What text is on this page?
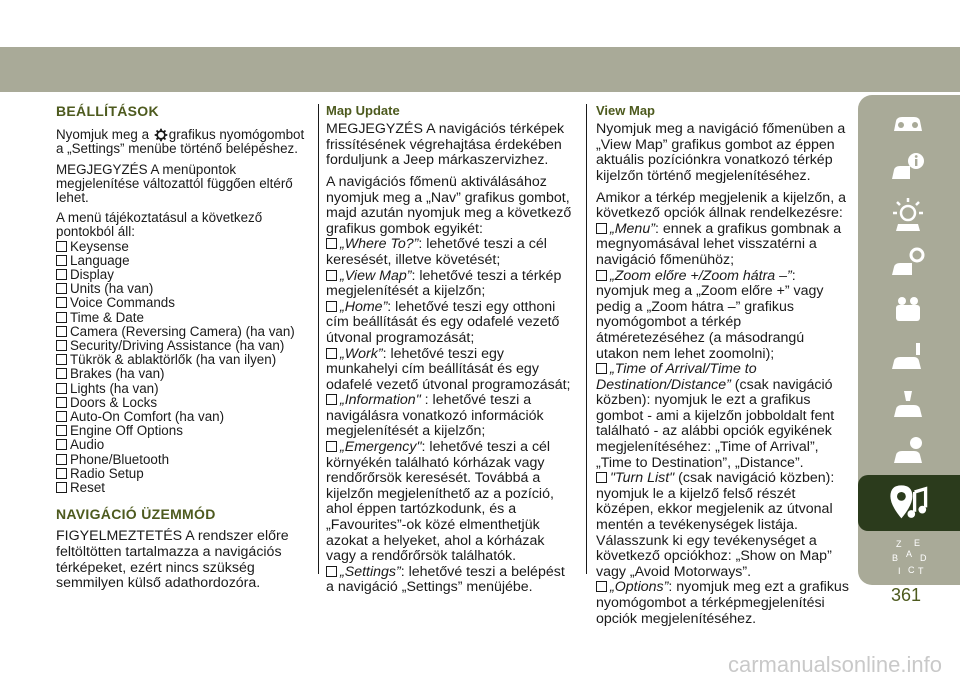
BEÁLLÍTÁSOK

Nyomjuk meg a grafikus nyomógombot a „Settings” menübe történő belépéshez.

MEGJEGYZÉS A menüpontok megjelenítése változattól függően eltérő lehet.

A menü tájékoztatásul a következő pontokból áll:

Keysense
Language
Display
Units (ha van)
Voice Commands
Time & Date
Camera (Reversing Camera) (ha van)
Security/Driving Assistance (ha van)
Tükrök & ablaktörlők (ha van ilyen)
Brakes (ha van)
Lights (ha van)
Doors & Locks
Auto-On Comfort (ha van)
Engine Off Options
Audio
Phone/Bluetooth
Radio Setup
Reset
NAVIGÁCIÓ ÜZEMMÓD

FIGYELMEZTETÉS A rendszer előre feltöltötten tartalmazza a navigációs térképeket, ezért nincs szükség semmilyen külső adathordozóra.

Map Update

MEGJEGYZÉS A navigációs térképek frissítésének végrehajtása érdekében forduljunk a Jeep márkaszervizhez.

A navigációs főmenü aktiválásához nyomjuk meg a „Nav” grafikus gombot, majd azután nyomjuk meg a következő grafikus gombok egyikét:

„Where To?”: lehetővé teszi a cél keresését, illetve követését;

„View Map”: lehetővé teszi a térkép megjelenítését a kijelzőn;

„Home”: lehetővé teszi egy otthoni cím beállítását és egy odafelé vezető útvonal programozását;

„Work”: lehetővé teszi egy munkahelyi cím beállítását és egy odafelé vezető útvonal programozását;

„Information" : lehetővé teszi a navigálásra vonatkozó információk megjelenítését a kijelzőn;

„Emergency": lehetővé teszi a cél környékén található kórházak vagy rendőrőrsök keresését. Továbbá a kijelzőn megjeleníthető az a pozíció, ahol éppen tartózkodunk, és a „Favourites”-ok közé elmenthetjük azokat a helyeket, ahol a kórházak vagy a rendőrőrsök találhatók.

„Settings”: lehetővé teszi a belépést a navigáció „Settings” menüjébe.

View Map

Nyomjuk meg a navigáció főmenüben a „View Map” grafikus gombot az éppen aktuális pozíciónkra vonatkozó térkép kijelzőn történő megjelenítéséhez.

Amikor a térkép megjelenik a kijelzőn, a következő opciók állnak rendelkezésre:

„Menu”: ennek a grafikus gombnak a megnyomásával lehet visszatérni a navigáció főmenühöz;

„Zoom előre +/Zoom hátra –”: nyomjuk meg a „Zoom előre +” vagy pedig a „Zoom hátra –” grafikus nyomógombot a térkép átméretezéséhez (a másodrangú utakon nem lehet zoomolni);

„Time of Arrival/Time to Destination/Distance” (csak navigáció közben): nyomjuk le ezt a grafikus gombot - ami a kijelzőn jobboldalt fent található - az alábbi opciók egyikének megjelenítéséhez: „Time of Arrival”, „Time to Destination”, „Distance”.

"Turn List" (csak navigáció közben): nyomjuk le a kijelző felső részét középen, ekkor megjelenik az útvonal mentén a tevékenységek listája. Válasszunk ki egy tevékenységet a következő opciókhoz: „Show on Map” vagy „Avoid Motorways”.

„Options”: nyomjuk meg ezt a grafikus nyomógombot a térképmegjelenítési opciók megjelenítéséhez.

Z E
B A D
I C T
361
carmanualsonline.info
